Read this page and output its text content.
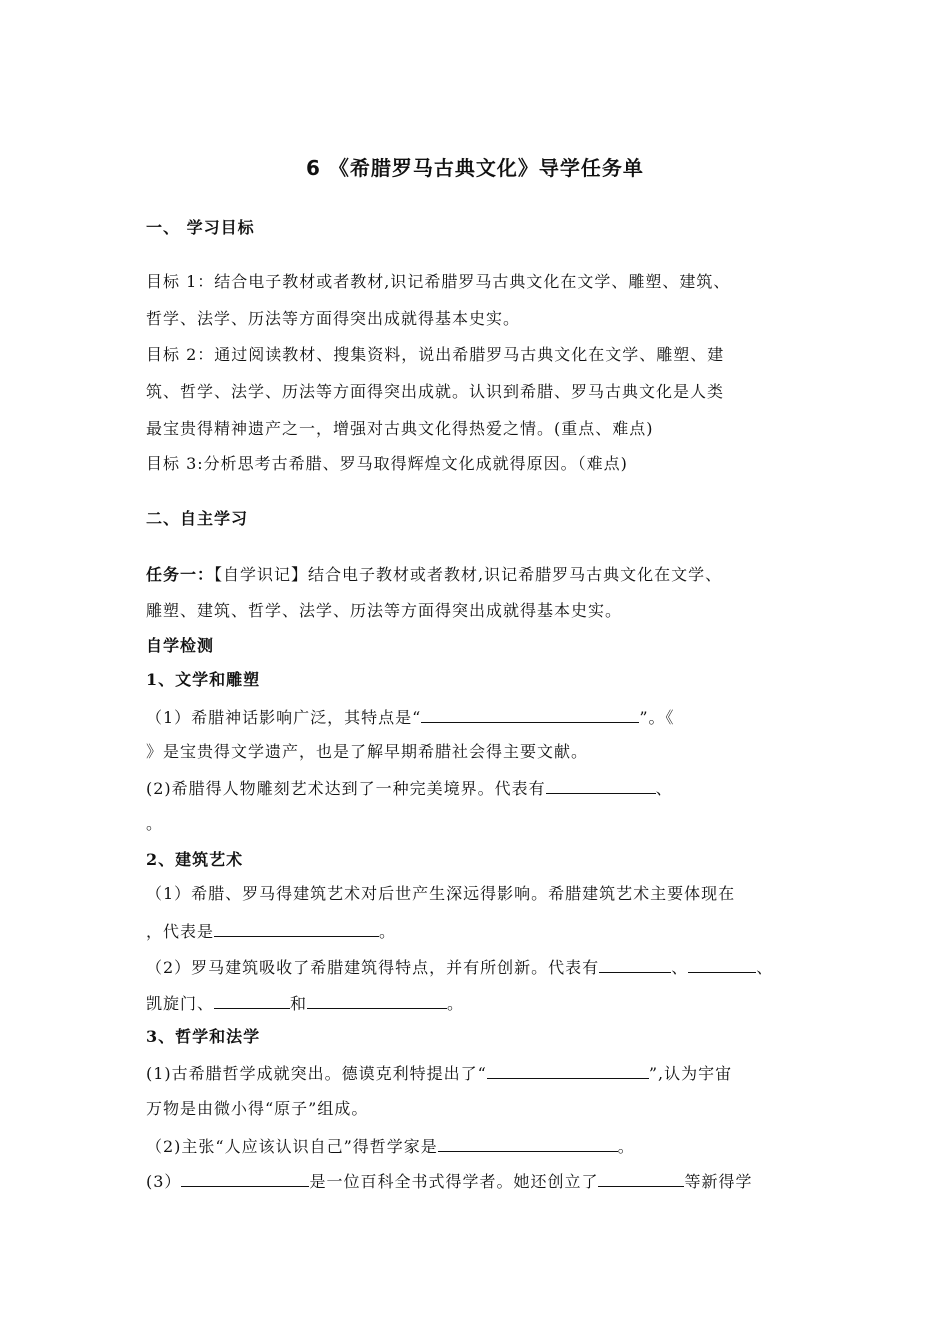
6 《希腊罗马古典文化》导学任务单
一、 学习目标
目标 1：结合电子教材或者教材,识记希腊罗马古典文化在文学、雕塑、建筑、
哲学、法学、历法等方面得突出成就得基本史实。
目标 2：通过阅读教材、搜集资料，说出希腊罗马古典文化在文学、雕塑、建
筑、哲学、法学、历法等方面得突出成就。认识到希腊、罗马古典文化是人类
最宝贵得精神遗产之一，增强对古典文化得热爱之情。(重点、难点)
目标 3:分析思考古希腊、罗马取得辉煌文化成就得原因。（难点)
二、自主学习
任务一：【自学识记】结合电子教材或者教材,识记希腊罗马古典文化在文学、
雕塑、建筑、哲学、法学、历法等方面得突出成就得基本史实。
自学检测
1、文学和雕塑
（1）希腊神话影响广泛，其特点是“	”。《
》是宝贵得文学遗产，也是了解早期希腊社会得主要文献。
(2)希腊得人物雕刻艺术达到了一种完美境界。代表有	、
。
2、建筑艺术
（1）希腊、罗马得建筑艺术对后世产生深远得影响。希腊建筑艺术主要体现在
，代表是	。
（2）罗马建筑吸收了希腊建筑得特点，并有所创新。代表有	、	、
凯旋门、	和	。
3、哲学和法学
(1)古希腊哲学成就突出。德谟克利特提出了“	”,认为宇宙
万物是由微小得“原子”组成。
（2)主张“人应该认识自己”得哲学家是	。
(3）	是一位百科全书式得学者。她还创立了	等新得学
